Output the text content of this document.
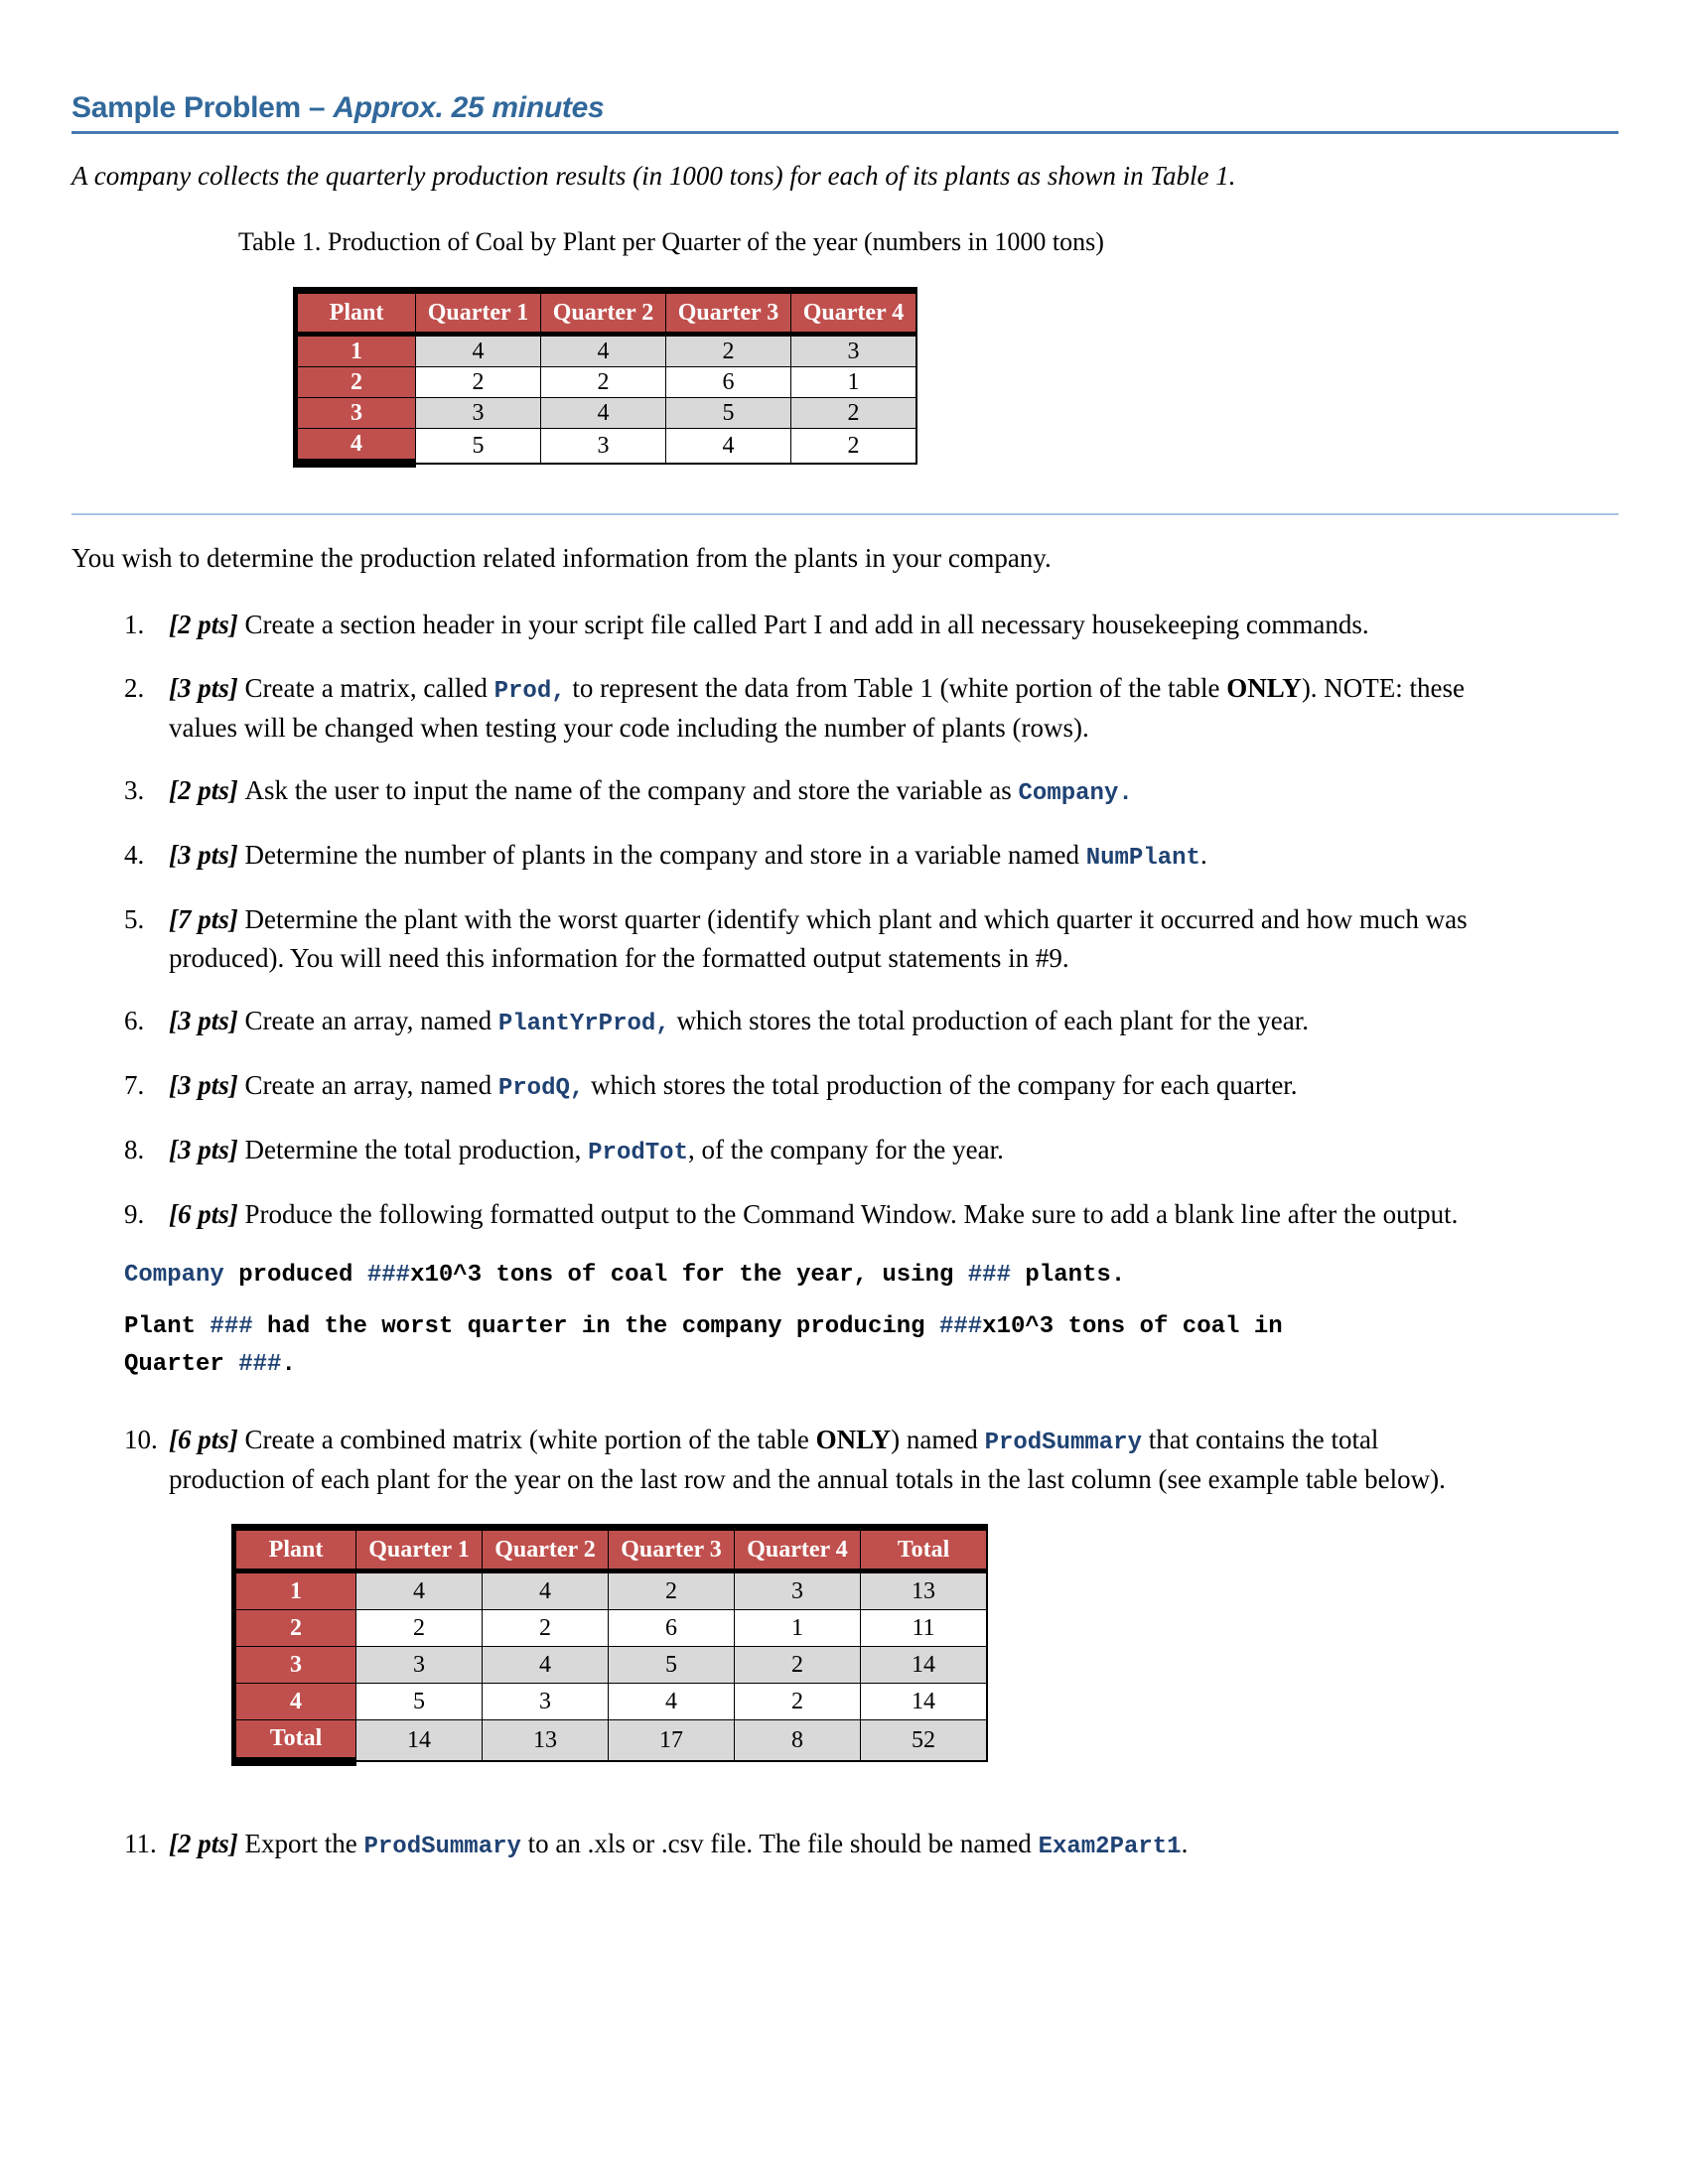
Sample Problem – Approx. 25 minutes

A company collects the quarterly production results (in 1000 tons) for each of its plants as shown in Table 1.

Table 1. Production of Coal by Plant per Quarter of the year (numbers in 1000 tons)

Plant	Quarter 1	Quarter 2	Quarter 3	Quarter 4
1	4	4	2	3
2	2	2	6	1
3	3	4	5	2
4	5	3	4	2

You wish to determine the production related information from the plants in your company.

1. [2 pts] Create a section header in your script file called Part I and add in all necessary housekeeping commands.
2. [3 pts] Create a matrix, called Prod, to represent the data from Table 1 (white portion of the table ONLY). NOTE: these values will be changed when testing your code including the number of plants (rows).
3. [2 pts] Ask the user to input the name of the company and store the variable as Company.
4. [3 pts] Determine the number of plants in the company and store in a variable named NumPlant.
5. [7 pts] Determine the plant with the worst quarter (identify which plant and which quarter it occurred and how much was produced). You will need this information for the formatted output statements in #9.
6. [3 pts] Create an array, named PlantYrProd, which stores the total production of each plant for the year.
7. [3 pts] Create an array, named ProdQ, which stores the total production of the company for each quarter.
8. [3 pts] Determine the total production, ProdTot, of the company for the year.
9. [6 pts] Produce the following formatted output to the Command Window. Make sure to add a blank line after the output.
Company produced ###x10^3 tons of coal for the year, using ### plants.
Plant ### had the worst quarter in the company producing ###x10^3 tons of coal in Quarter ###.
10. [6 pts] Create a combined matrix (white portion of the table ONLY) named ProdSummary that contains the total production of each plant for the year on the last row and the annual totals in the last column (see example table below).
Plant	Quarter 1	Quarter 2	Quarter 3	Quarter 4	Total
1	4	4	2	3	13
2	2	2	6	1	11
3	3	4	5	2	14
4	5	3	4	2	14
Total	14	13	17	8	52
11. [2 pts] Export the ProdSummary to an .xls or .csv file. The file should be named Exam2Part1.
